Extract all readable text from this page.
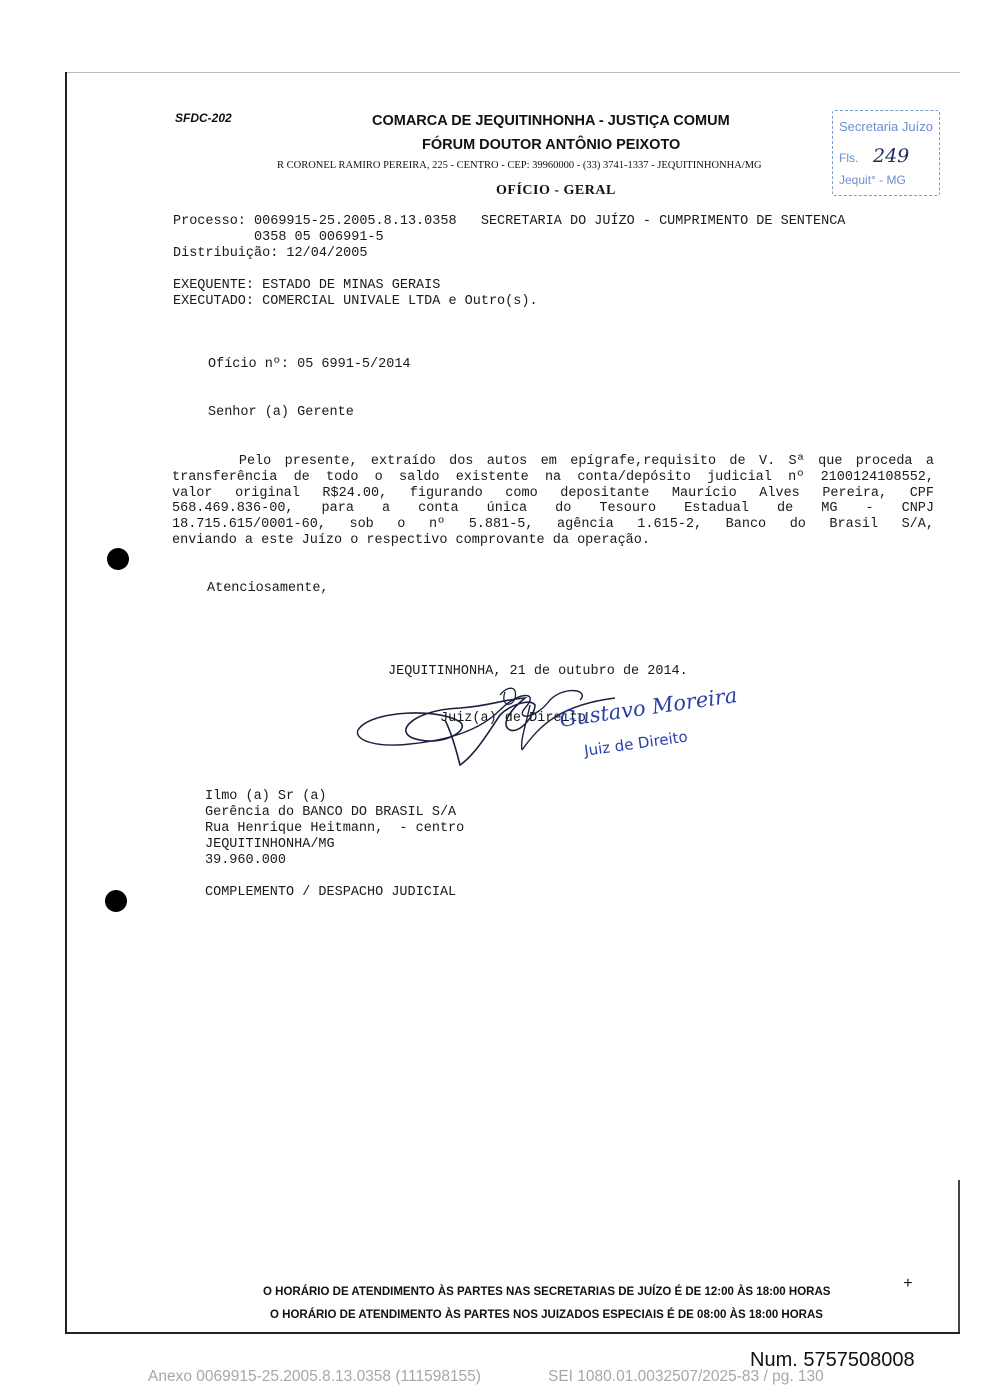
SFDC-202	COMARCA DE JEQUITINHONHA - JUSTIÇA COMUM
FÓRUM DOUTOR ANTÔNIO PEIXOTO
R CORONEL RAMIRO PEREIRA, 225 - CENTRO - CEP: 39960000 - (33) 3741-1337 - JEQUITINHONHA/MG
OFÍCIO - GERAL
Secretaria Juízo
Fls. 249
Jequit° - MG
Processo: 0069915-25.2005.8.13.0358   SECRETARIA DO JUÍZO - CUMPRIMENTO DE SENTENCA
0358 05 006991-5
Distribuição: 12/04/2005
EXEQUENTE: ESTADO DE MINAS GERAIS
EXECUTADO: COMERCIAL UNIVALE LTDA e Outro(s).
Ofício nº: 05 6991-5/2014
Senhor (a) Gerente
Pelo presente, extraído dos autos em epígrafe,requisito de V. Sª que proceda a
transferência de todo o saldo existente na conta/depósito judicial nº 2100124108552,
valor original R$24.00, figurando como depositante Maurício Alves Pereira, CPF
568.469.836-00, para a conta única do Tesouro Estadual de MG - CNPJ
18.715.615/0001-60, sob o nº 5.881-5, agência 1.615-2, Banco do Brasil S/A,
enviando a este Juízo o respectivo comprovante da operação.
Atenciosamente,
JEQUITINHONHA, 21 de outubro de 2014.
Juiz(a) de Direito
Gustavo Moreira
Juiz de Direito
Ilmo (a) Sr (a)
Gerência do BANCO DO BRASIL S/A
Rua Henrique Heitmann,  - centro
JEQUITINHONHA/MG
39.960.000
COMPLEMENTO / DESPACHO JUDICIAL
O HORÁRIO DE ATENDIMENTO ÀS PARTES NAS SECRETARIAS DE JUÍZO É DE 12:00 ÀS 18:00 HORAS
O HORÁRIO DE ATENDIMENTO ÀS PARTES NOS JUIZADOS ESPECIAIS É DE 08:00 ÀS 18:00 HORAS
+
Num. 5757508008
Anexo 0069915-25.2005.8.13.0358 (111598155)	SEI 1080.01.0032507/2025-83 / pg. 130
